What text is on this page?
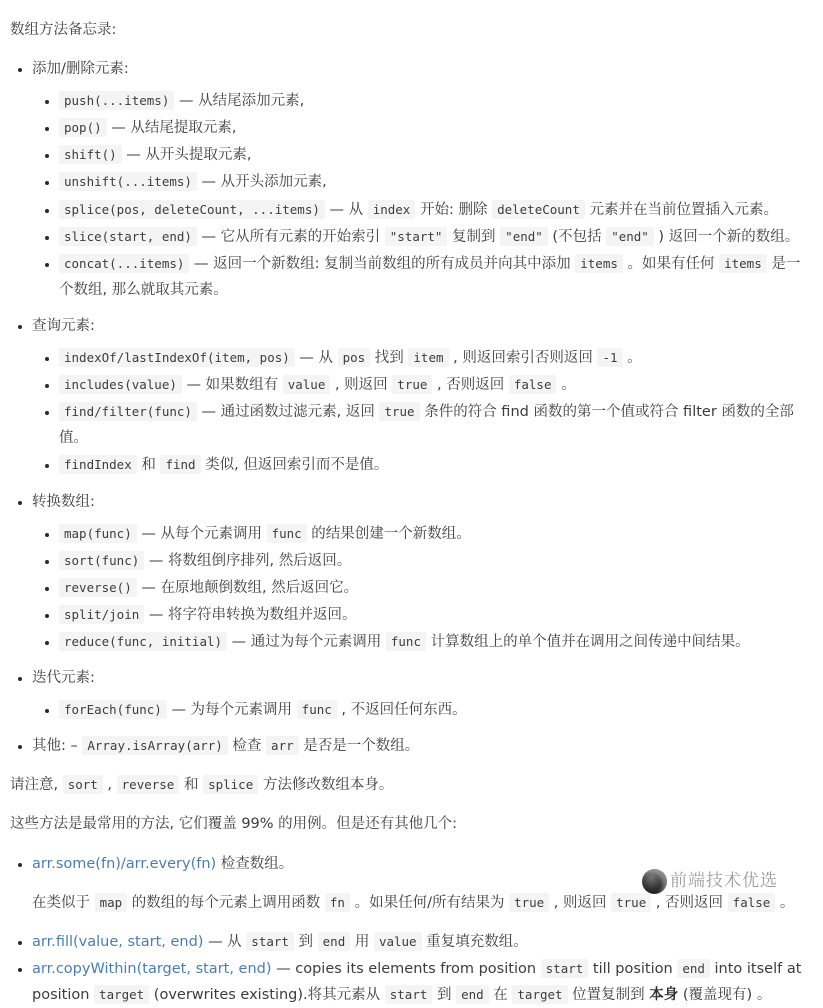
数组方法备忘录:

• 添加/删除元素:
• push(...items) — 从结尾添加元素,
• pop() — 从结尾提取元素,
• shift() — 从开头提取元素,
• unshift(...items) — 从开头添加元素,
• splice(pos, deleteCount, ...items) — 从 index 开始: 删除 deleteCount 元素并在当前位置插入元素。
• slice(start, end) — 它从所有元素的开始索引 "start" 复制到 "end" (不包括 "end" ) 返回一个新的数组。
• concat(...items) — 返回一个新数组: 复制当前数组的所有成员并向其中添加 items 。如果有任何 items 是一个数组, 那么就取其元素。
• 查询元素:
• indexOf/lastIndexOf(item, pos) — 从 pos 找到 item , 则返回索引否则返回 -1 。
• includes(value) — 如果数组有 value , 则返回 true , 否则返回 false 。
• find/filter(func) — 通过函数过滤元素, 返回 true 条件的符合 find 函数的第一个值或符合 filter 函数的全部值。
• findIndex 和 find 类似, 但返回索引而不是值。
• 转换数组:
• map(func) — 从每个元素调用 func 的结果创建一个新数组。
• sort(func) — 将数组倒序排列, 然后返回。
• reverse() — 在原地颠倒数组, 然后返回它。
• split/join — 将字符串转换为数组并返回。
• reduce(func, initial) — 通过为每个元素调用 func 计算数组上的单个值并在调用之间传递中间结果。
• 迭代元素:
• forEach(func) — 为每个元素调用 func , 不返回任何东西。
• 其他: – Array.isArray(arr) 检查 arr 是否是一个数组。

请注意, sort , reverse 和 splice 方法修改数组本身。

这些方法是最常用的方法, 它们覆盖 99% 的用例。但是还有其他几个:

• arr.some(fn)/arr.every(fn) 检查数组。

在类似于 map 的数组的每个元素上调用函数 fn 。如果任何/所有结果为 true , 则返回 true , 否则返回 false 。

• arr.fill(value, start, end) — 从 start 到 end 用 value 重复填充数组。
• arr.copyWithin(target, start, end) — copies its elements from position start till position end into itself at position target (overwrites existing).将其元素从 start 到 end 在 target 位置复制到 本身 (覆盖现有) 。
前端技术优选
